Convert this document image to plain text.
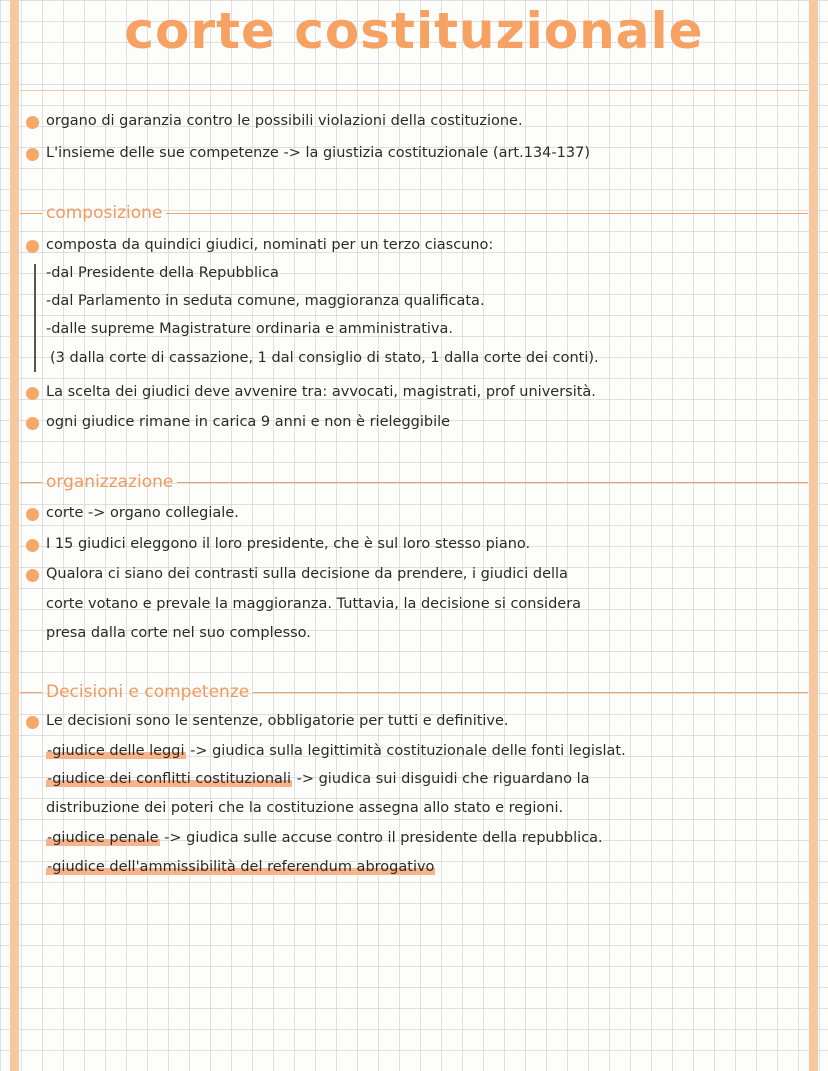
corte costituzionale
organo di garanzia contro le possibili violazioni della costituzione.
L'insieme delle sue competenze -> la giustizia costituzionale (art.134-137)
composizione
composta da quindici giudici, nominati per un terzo ciascuno:
-dal Presidente della Repubblica
-dal Parlamento in seduta comune, maggioranza qualificata.
-dalle supreme Magistrature ordinaria e amministrativa.
(3 dalla corte di cassazione, 1 dal consiglio di stato, 1 dalla corte dei conti).
La scelta dei giudici deve avvenire tra: avvocati, magistrati, prof università.
ogni giudice rimane in carica 9 anni e non è rieleggibile
organizzazione
corte -> organo collegiale.
I 15 giudici eleggono il loro presidente, che è sul loro stesso piano.
Qualora ci siano dei contrasti sulla decisione da prendere, i giudici della
corte votano e prevale la maggioranza. Tuttavia, la decisione si considera
presa dalla corte nel suo complesso.
Decisioni e competenze
Le decisioni sono le sentenze, obbligatorie per tutti e definitive.
-giudice delle leggi -> giudica sulla legittimità costituzionale delle fonti legislat.
-giudice dei conflitti costituzionali -> giudica sui disguidi che riguardano la
distribuzione dei poteri che la costituzione assegna allo stato e regioni.
-giudice penale -> giudica sulle accuse contro il presidente della repubblica.
-giudice dell'ammissibilità del referendum abrogativo
